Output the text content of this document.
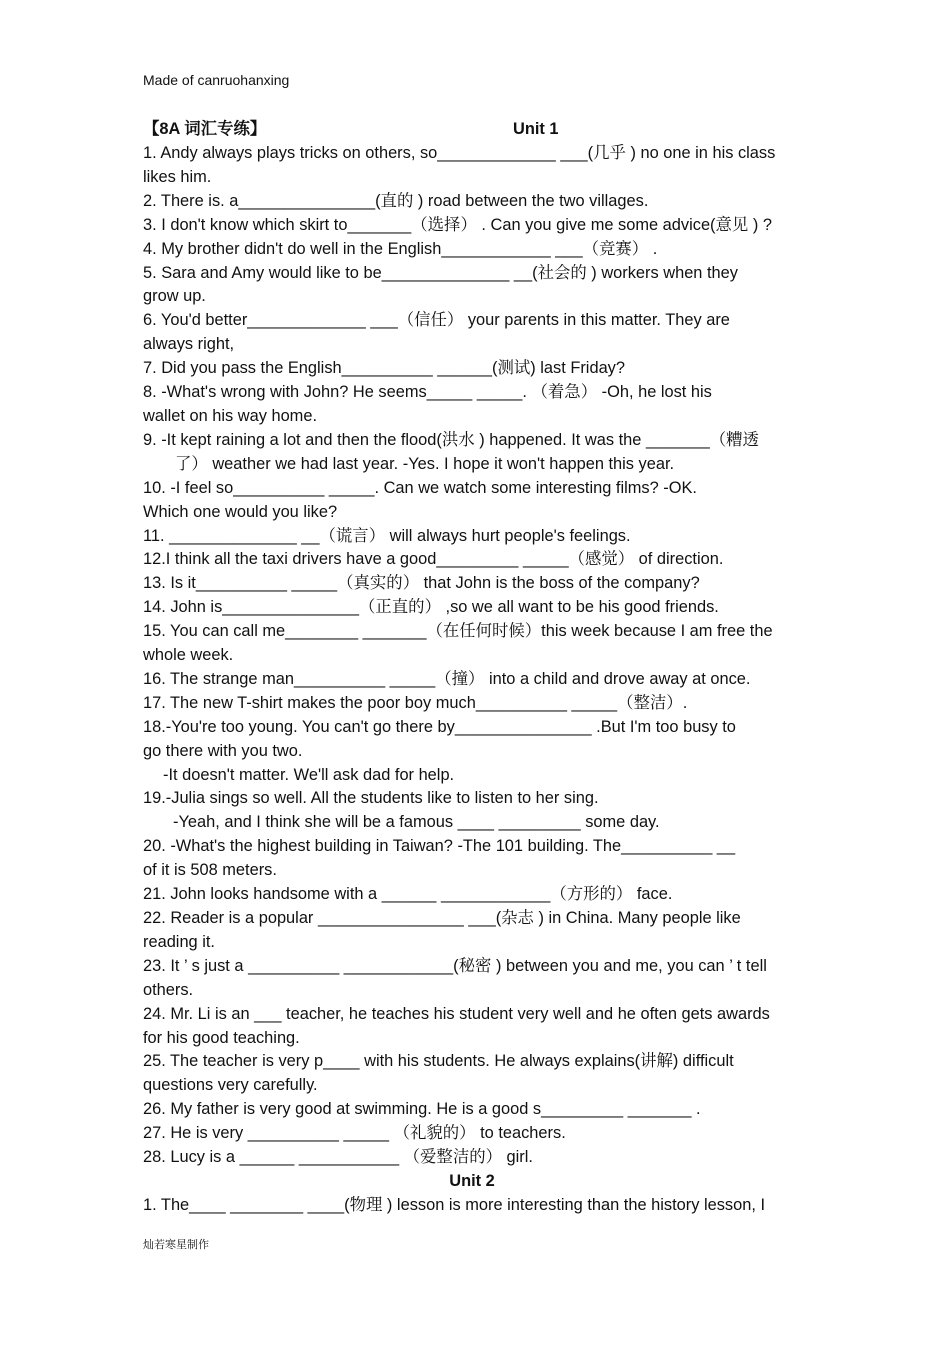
Made of canruohanxing
【8A 词汇专练】	Unit 1

1. Andy always plays tricks on others, so_____________ ___(几乎 ) no one in his class

likes him.

2. There is. a_______________(直的 ) road between the two villages.

3. I don't know which skirt to_______（选择） . Can you give me some advice(意见 ) ?

4. My brother didn't do well in the English____________ ___（竞赛） .

5. Sara and Amy would like to be______________ __(社会的 ) workers when they

grow up.

6. You'd better_____________ ___（信任） your parents in this matter. They are

always right,

7. Did you pass the English__________ ______(测试) last Friday?

8. -What's wrong with John? He seems_____ _____. （着急） -Oh, he lost his

wallet on his way home.

9. -It kept raining a lot and then the flood(洪水 ) happened. It was the _______（糟透

了） weather we had last year. -Yes. I hope it won't happen this year.

10. -I feel so__________ _____. Can we watch some interesting films? -OK.

Which one would you like?

11. ______________ __（谎言） will always hurt people's feelings.

12.I think all the taxi drivers have a good_________ _____（感觉） of direction.

13. Is it__________ _____（真实的） that John is the boss of the company?

14. John is_______________（正直的） ,so we all want to be his good friends.

15. You can call me________ _______（在任何时候）this week because I am free the

whole week.

16. The strange man__________ _____（撞） into a child and drove away at once.

17. The new T-shirt makes the poor boy much__________ _____（整洁）.

18.-You're too young. You can't go there by_______________ .But I'm too busy to

go there with you two.

-It doesn't matter. We'll ask dad for help.

19.-Julia sings so well. All the students like to listen to her sing.

-Yeah, and I think she will be a famous ____ _________ some day.

20. -What's the highest building in Taiwan? -The 101 building. The__________ __

of it is 508 meters.

21. John looks handsome with a ______ ____________（方形的） face.

22. Reader is a popular ________________ ___(杂志 ) in China. Many people like

reading it.

23. It ’ s just a __________ ____________(秘密 ) between you and me, you can ’ t tell

others.

24. Mr. Li is an ___ teacher, he teaches his student very well and he often gets awards

for his good teaching.

25. The teacher is very p____ with his students. He always explains(讲解) difficult

questions very carefully.

26. My father is very good at swimming. He is a good s_________ _______ .

27. He is very __________ _____ （礼貌的） to teachers.

28. Lucy is a ______ ___________ （爱整洁的） girl.

Unit 2

1. The____ ________ ____(物理 ) lesson is more interesting than the history lesson, I

灿若寒星制作
